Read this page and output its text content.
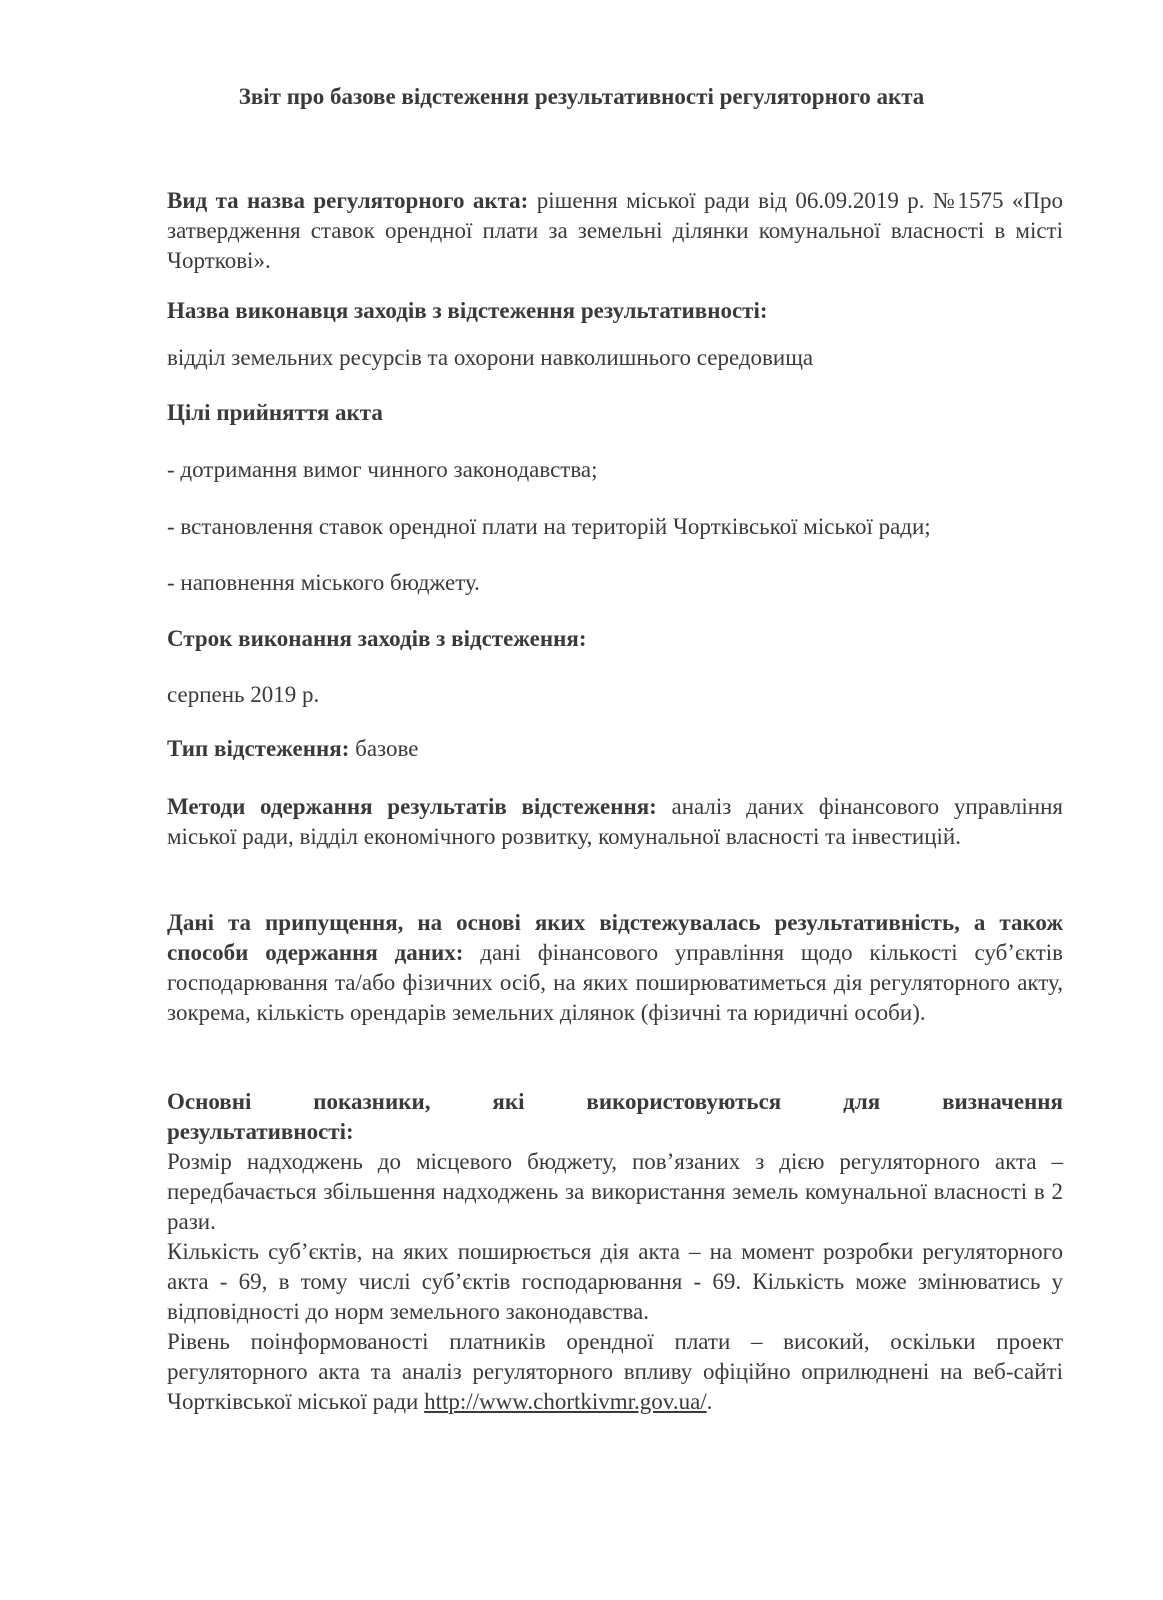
Звіт про базове відстеження результативності регуляторного акта

Вид та назва регуляторного акта: рішення міської ради від 06.09.2019 р. №1575 «Про затвердження ставок орендної плати за земельні ділянки комунальної власності в місті Чорткові».

Назва виконавця заходів з відстеження результативності:

відділ земельних ресурсів та охорони навколишнього середовища

Цілі прийняття акта

- дотримання вимог чинного законодавства;

- встановлення ставок орендної плати на територій Чортківської міської ради;

- наповнення міського бюджету.

Строк виконання заходів з відстеження:

серпень 2019 р.

Тип відстеження: базове

Методи одержання результатів відстеження: аналіз даних фінансового управління міської ради, відділ економічного розвитку, комунальної власності та інвестицій.

Дані та припущення, на основі яких відстежувалась результативність, а також способи одержання даних: дані фінансового управління щодо кількості суб’єктів господарювання та/або фізичних осіб, на яких поширюватиметься дія регуляторного акту, зокрема, кількість орендарів земельних ділянок (фізичні та юридичні особи).

Основні показники, які використовуються для визначення
результативності:
Розмір надходжень до місцевого бюджету, пов’язаних з дією регуляторного акта – передбачається збільшення надходжень за використання земель комунальної власності в 2 рази.
Кількість суб’єктів, на яких поширюється дія акта – на момент розробки регуляторного акта - 69, в тому числі суб’єктів господарювання - 69. Кількість може змінюватись у відповідності до норм земельного законодавства.
Рівень поінформованості платників орендної плати – високий, оскільки проект регуляторного акта та аналіз регуляторного впливу офіційно оприлюднені на веб-сайті Чортківської міської ради http://www.chortkivmr.gov.ua/.
